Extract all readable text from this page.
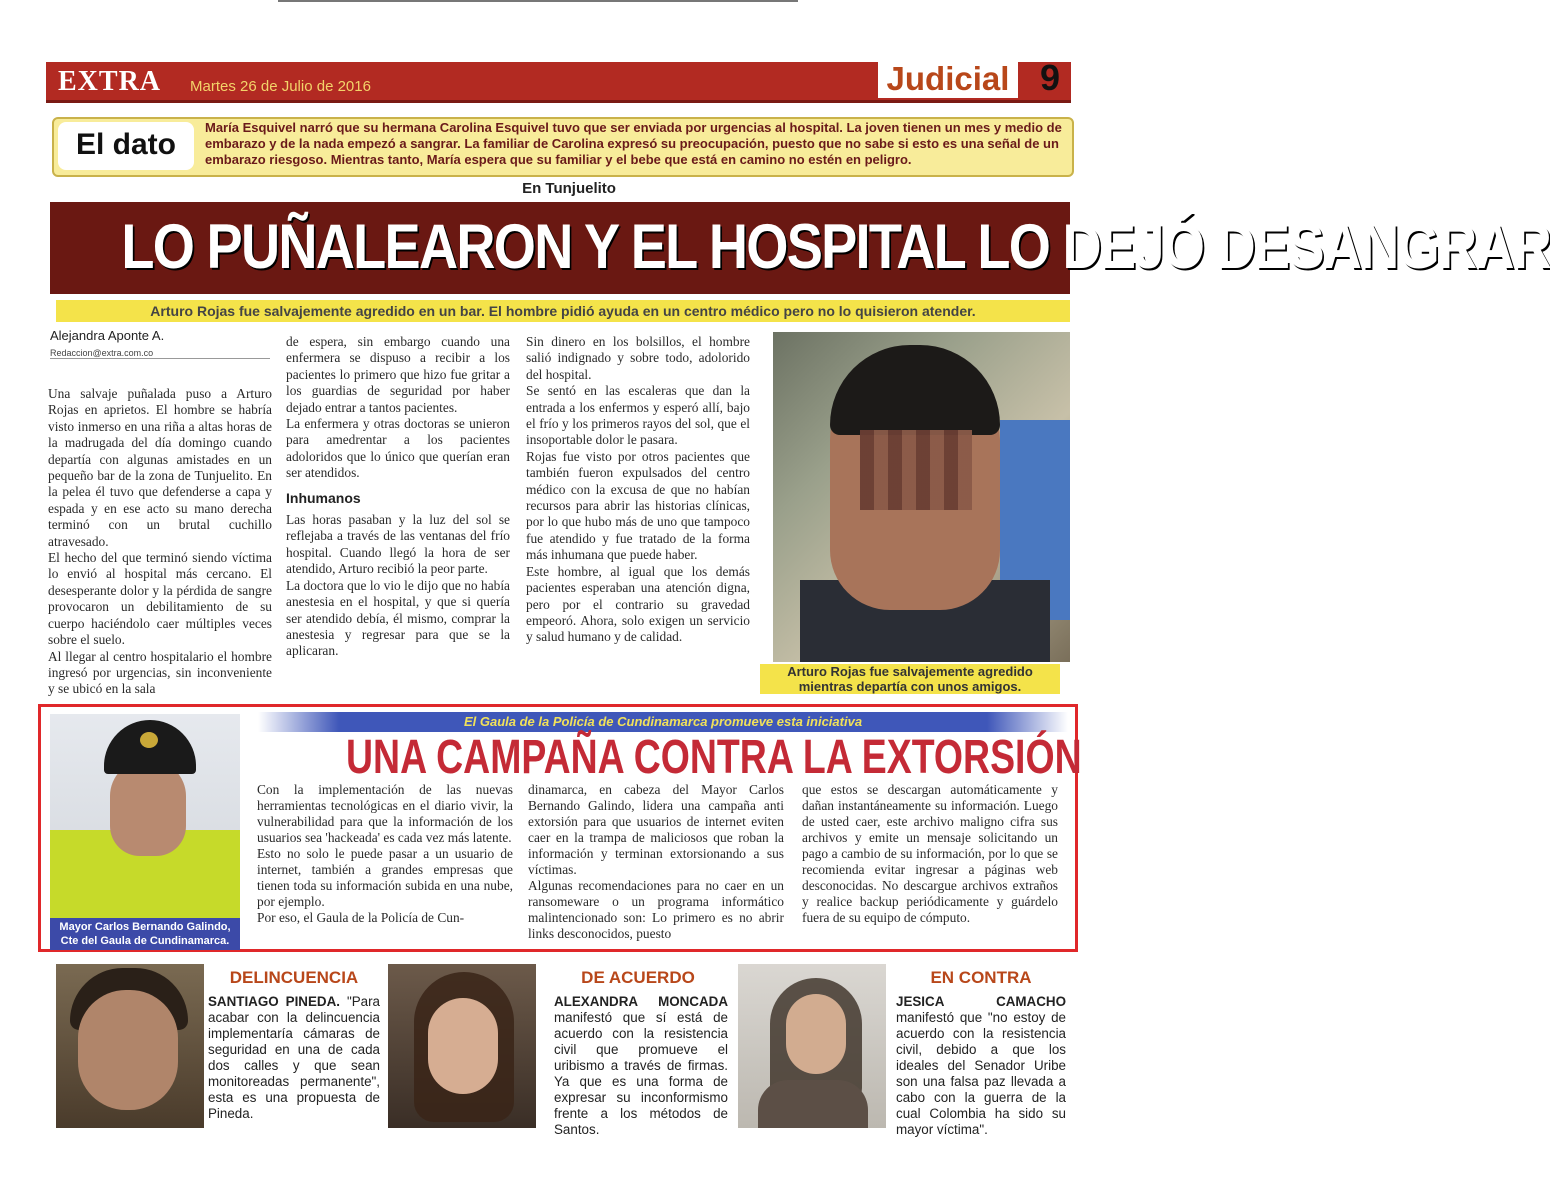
EXTRA Martes 26 de Julio de 2016	Judicial 9
El dato
María Esquivel narró que su hermana Carolina Esquivel tuvo que ser enviada por urgencias al hospital. La joven tienen un mes y medio de embarazo y de la nada empezó a sangrar. La familiar de Carolina expresó su preocupación, puesto que no sabe si esto es una señal de un embarazo riesgoso. Mientras tanto, María espera que su familiar y el bebe que está en camino no estén en peligro.
En Tunjuelito
LO PUÑALEARON Y EL HOSPITAL LO DEJÓ DESANGRAR
Arturo Rojas fue salvajemente agredido en un bar. El hombre pidió ayuda en un centro médico pero no lo quisieron atender.
Alejandra Aponte A.
Redaccion@extra.com.co

Una salvaje puñalada puso a Arturo Rojas en aprietos. El hombre se habría visto inmerso en una riña a altas horas de la madrugada del día domingo cuando departía con algunas amistades en un pequeño bar de la zona de Tunjuelito. En la pelea él tuvo que defenderse a capa y espada y en ese acto su mano derecha terminó con un brutal cuchillo atravesado.

El hecho del que terminó siendo víctima lo envió al hospital más cercano. El desesperante dolor y la pérdida de sangre provocaron un debilitamiento de su cuerpo haciéndolo caer múltiples veces sobre el suelo.

Al llegar al centro hospitalario el hombre ingresó por urgencias, sin inconveniente y se ubicó en la sala

de espera, sin embargo cuando una enfermera se dispuso a recibir a los pacientes lo primero que hizo fue gritar a los guardias de seguridad por haber dejado entrar a tantos pacientes.

La enfermera y otras doctoras se unieron para amedrentar a los pacientes adoloridos que lo único que querían eran ser atendidos.

Inhumanos

Las horas pasaban y la luz del sol se reflejaba a través de las ventanas del frío hospital. Cuando llegó la hora de ser atendido, Arturo recibió la peor parte.

La doctora que lo vio le dijo que no había anestesia en el hospital, y que si quería ser atendido debía, él mismo, comprar la anestesia y regresar para que se la aplicaran.

Sin dinero en los bolsillos, el hombre salió indignado y sobre todo, adolorido del hospital.

Se sentó en las escaleras que dan la entrada a los enfermos y esperó allí, bajo el frío y los primeros rayos del sol, que el insoportable dolor le pasara.

Rojas fue visto por otros pacientes que también fueron expulsados del centro médico con la excusa de que no habían recursos para abrir las historias clínicas, por lo que hubo más de uno que tampoco fue atendido y fue tratado de la forma más inhumana que puede haber.

Este hombre, al igual que los demás pacientes esperaban una atención digna, pero por el contrario su gravedad empeoró. Ahora, solo exigen un servicio y salud humano y de calidad.

Arturo Rojas fue salvajemente agredido mientras departía con unos amigos.
Mayor Carlos Bernando Galindo, Cte del Gaula de Cundinamarca.
El Gaula de la Policía de Cundinamarca promueve esta iniciativa
UNA CAMPAÑA CONTRA LA EXTORSIÓN

Con la implementación de las nuevas herramientas tecnológicas en el diario vivir, la vulnerabilidad para que la información de los usuarios sea 'hackeada' es cada vez más latente.

Esto no solo le puede pasar a un usuario de internet, también a grandes empresas que tienen toda su información subida en una nube, por ejemplo.

Por eso, el Gaula de la Policía de Cun-

dinamarca, en cabeza del Mayor Carlos Bernando Galindo, lidera una campaña anti extorsión para que usuarios de internet eviten caer en la trampa de maliciosos que roban la información y terminan extorsionando a sus víctimas.

Algunas recomendaciones para no caer en un ransomeware o un programa informático malintencionado son: Lo primero es no abrir links desconocidos, puesto

que estos se descargan automáticamente y dañan instantáneamente su información. Luego de usted caer, este archivo maligno cifra sus archivos y emite un mensaje solicitando un pago a cambio de su información, por lo que se recomienda evitar ingresar a páginas web desconocidas. No descargue archivos extraños y realice backup periódicamente y guárdelo fuera de su equipo de cómputo.

DELINCUENCIA
SANTIAGO PINEDA. "Para acabar con la delincuencia implementaría cámaras de seguridad en una de cada dos calles y que sean monitoreadas permanente", esta es una propuesta de Pineda.
DE ACUERDO
ALEXANDRA MONCADA manifestó que sí está de acuerdo con la resistencia civil que promueve el uribismo a través de firmas. Ya que es una forma de expresar su inconformismo frente a los métodos de Santos.
EN CONTRA
JESICA CAMACHO manifestó que "no estoy de acuerdo con la resistencia civil, debido a que los ideales del Senador Uribe son una falsa paz llevada a cabo con la guerra de la cual Colombia ha sido su mayor víctima".
